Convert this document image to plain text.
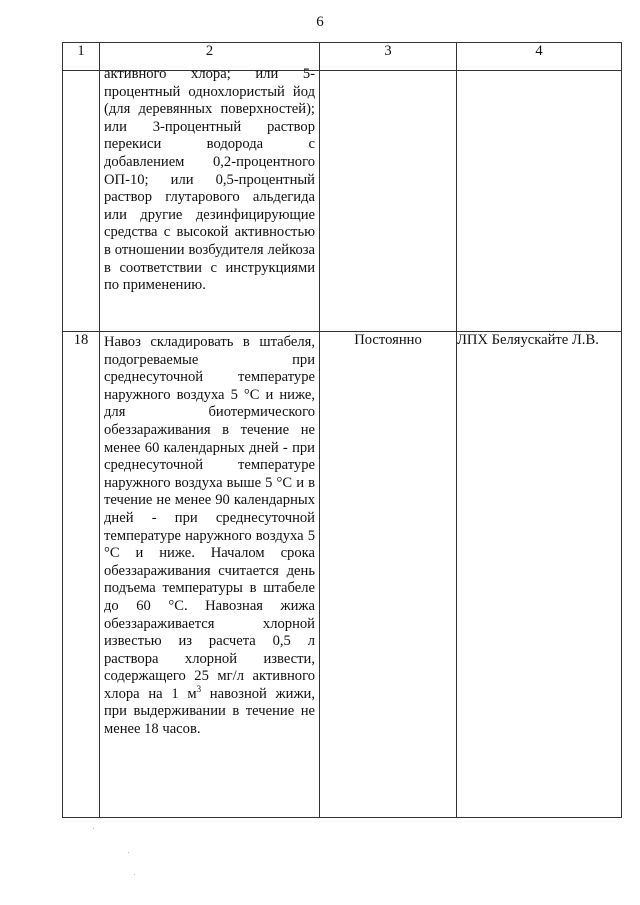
6
1	2	3	4

	активного хлора; или 5-процентный однохлористый йод (для деревянных поверхностей); или 3-процентный раствор перекиси водорода с добавлением 0,2-процентного ОП-10; или 0,5-процентный раствор глутарового альдегида или другие дезинфицирующие средства с высокой активностью в отношении возбудителя лейкоза в соответствии с инструкциями по применению.		

18	Навоз складировать в штабеля, подогреваемые при среднесуточной температуре наружного воздуха 5 °С и ниже, для биотермического обеззараживания в течение не менее 60 календарных дней - при среднесуточной температуре наружного воздуха выше 5 °С и в течение не менее 90 календарных дней - при среднесуточной температуре наружного воздуха 5 °С и ниже. Началом срока обеззараживания считается день подъема температуры в штабеле до 60 °С. Навозная жижа обеззараживается хлорной известью из расчета 0,5 л раствора хлорной извести, содержащего 25 мг/л активного хлора на 1 $м^3$ навозной жижи, при выдерживании в течение не менее 18 часов.	Постоянно	ЛПХ Беляускайте Л.В.
